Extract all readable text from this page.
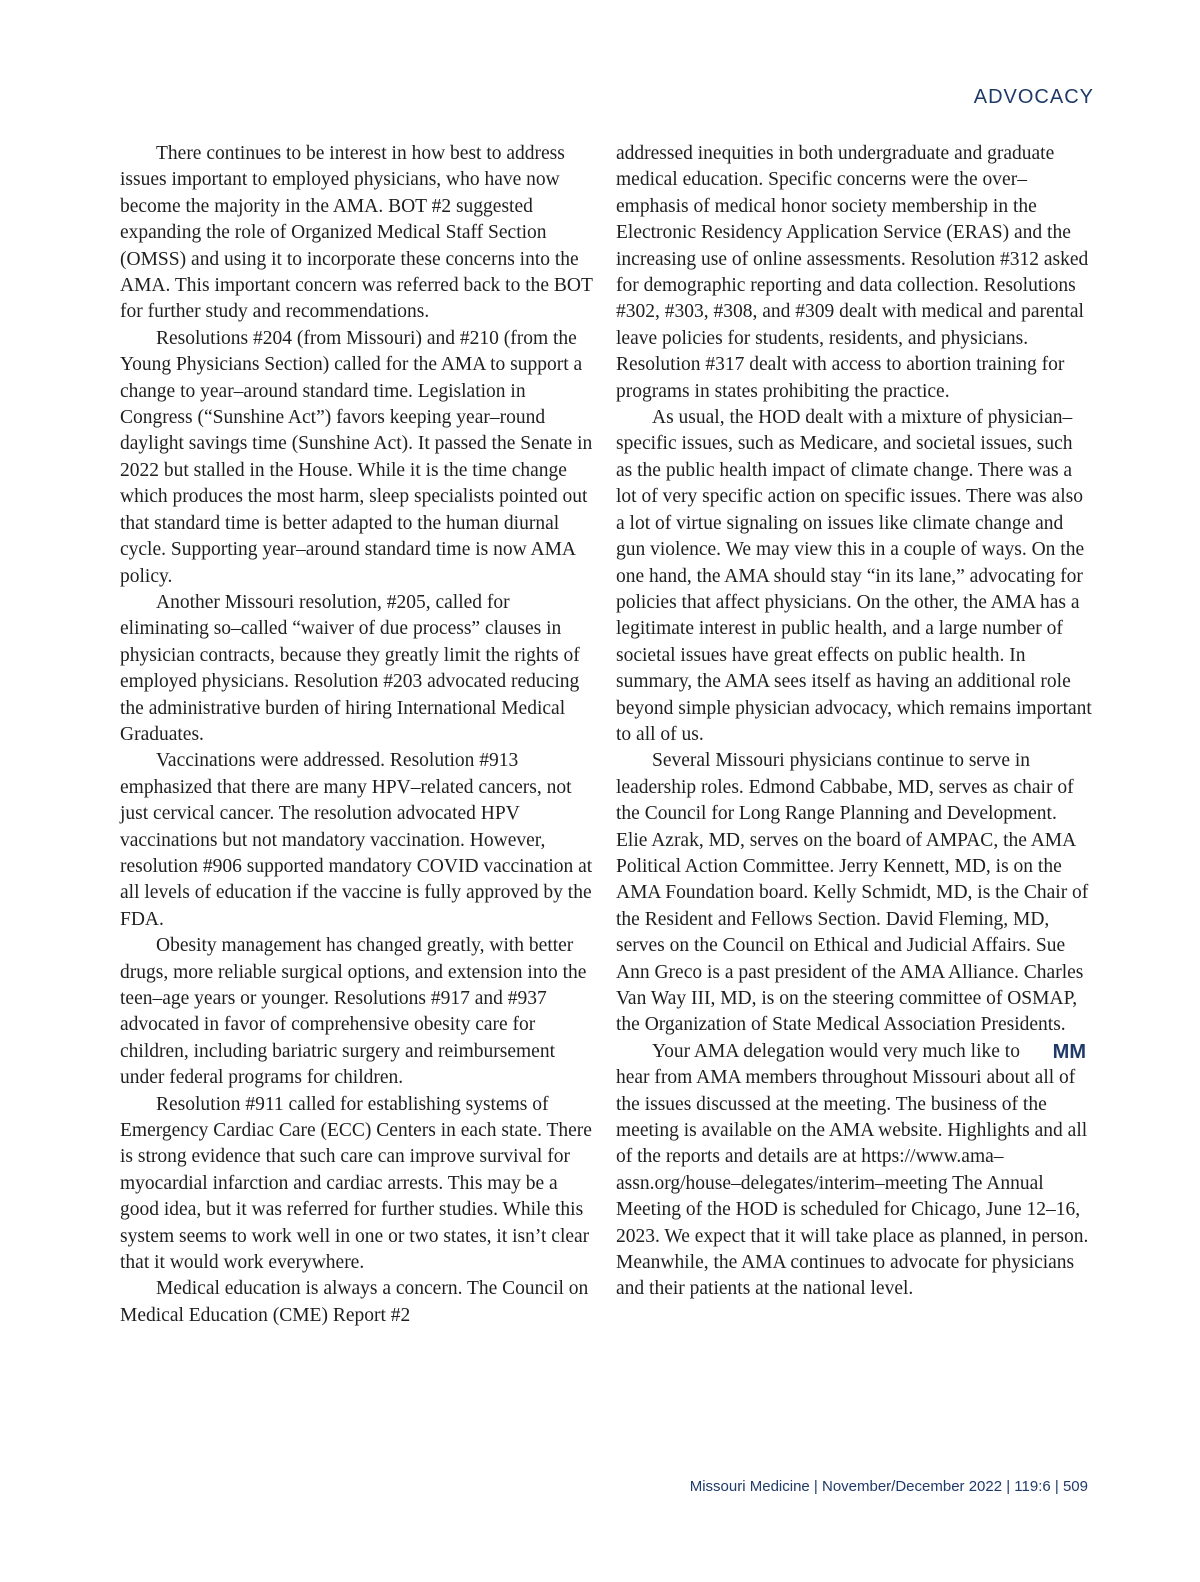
ADVOCACY

There continues to be interest in how best to address issues important to employed physicians, who have now become the majority in the AMA. BOT #2 suggested expanding the role of Organized Medical Staff Section (OMSS) and using it to incorporate these concerns into the AMA. This important concern was referred back to the BOT for further study and recommendations.

Resolutions #204 (from Missouri) and #210 (from the Young Physicians Section) called for the AMA to support a change to year–around standard time. Legislation in Congress (“Sunshine Act”) favors keeping year–round daylight savings time (Sunshine Act). It passed the Senate in 2022 but stalled in the House. While it is the time change which produces the most harm, sleep specialists pointed out that standard time is better adapted to the human diurnal cycle. Supporting year–around standard time is now AMA policy.

Another Missouri resolution, #205, called for eliminating so–called “waiver of due process” clauses in physician contracts, because they greatly limit the rights of employed physicians. Resolution #203 advocated reducing the administrative burden of hiring International Medical Graduates.

Vaccinations were addressed. Resolution #913 emphasized that there are many HPV–related cancers, not just cervical cancer. The resolution advocated HPV vaccinations but not mandatory vaccination. However, resolution #906 supported mandatory COVID vaccination at all levels of education if the vaccine is fully approved by the FDA.

Obesity management has changed greatly, with better drugs, more reliable surgical options, and extension into the teen–age years or younger. Resolutions #917 and #937 advocated in favor of comprehensive obesity care for children, including bariatric surgery and reimbursement under federal programs for children.

Resolution #911 called for establishing systems of Emergency Cardiac Care (ECC) Centers in each state. There is strong evidence that such care can improve survival for myocardial infarction and cardiac arrests. This may be a good idea, but it was referred for further studies. While this system seems to work well in one or two states, it isn’t clear that it would work everywhere.

Medical education is always a concern. The Council on Medical Education (CME) Report #2

addressed inequities in both undergraduate and graduate medical education. Specific concerns were the over–emphasis of medical honor society membership in the Electronic Residency Application Service (ERAS) and the increasing use of online assessments. Resolution #312 asked for demographic reporting and data collection. Resolutions #302, #303, #308, and #309 dealt with medical and parental leave policies for students, residents, and physicians. Resolution #317 dealt with access to abortion training for programs in states prohibiting the practice.

As usual, the HOD dealt with a mixture of physician–specific issues, such as Medicare, and societal issues, such as the public health impact of climate change. There was a lot of very specific action on specific issues. There was also a lot of virtue signaling on issues like climate change and gun violence. We may view this in a couple of ways. On the one hand, the AMA should stay “in its lane,” advocating for policies that affect physicians. On the other, the AMA has a legitimate interest in public health, and a large number of societal issues have great effects on public health. In summary, the AMA sees itself as having an additional role beyond simple physician advocacy, which remains important to all of us.

Several Missouri physicians continue to serve in leadership roles. Edmond Cabbabe, MD, serves as chair of the Council for Long Range Planning and Development. Elie Azrak, MD, serves on the board of AMPAC, the AMA Political Action Committee. Jerry Kennett, MD, is on the AMA Foundation board. Kelly Schmidt, MD, is the Chair of the Resident and Fellows Section. David Fleming, MD, serves on the Council on Ethical and Judicial Affairs. Sue Ann Greco is a past president of the AMA Alliance. Charles Van Way III, MD, is on the steering committee of OSMAP, the Organization of State Medical Association Presidents.

MM
Your AMA delegation would very much like to hear from AMA members throughout Missouri about all of the issues discussed at the meeting. The business of the meeting is available on the AMA website. Highlights and all of the reports and details are at https://www.ama–assn.org/house–delegates/interim–meeting The Annual Meeting of the HOD is scheduled for Chicago, June 12–16, 2023. We expect that it will take place as planned, in person. Meanwhile, the AMA continues to advocate for physicians and their patients at the national level.

Missouri Medicine | November/December 2022 | 119:6 | 509
